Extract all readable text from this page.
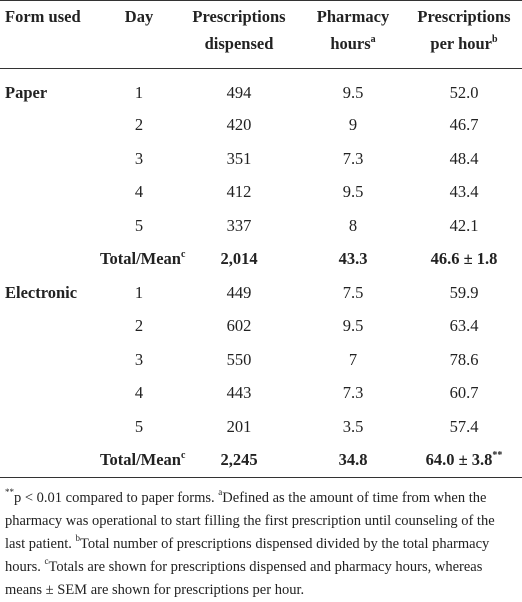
Form used	Day	Prescriptions dispensed	Pharmacy hours$^a$	Prescriptions per hour$^b$
Paper	1	494	9.5	52.0
	2	420	9	46.7
	3	351	7.3	48.4
	4	412	9.5	43.4
	5	337	8	42.1
	Total/Mean$^c$	2,014	43.3	46.6 ± 1.8
Electronic	1	449	7.5	59.9
	2	602	9.5	63.4
	3	550	7	78.6
	4	443	7.3	60.7
	5	201	3.5	57.4
	Total/Mean$^c$	2,245	34.8	64.0 ± 3.8**
**p < 0.01 compared to paper forms. $^a$Defined as the amount of time from when the pharmacy was operational to start filling the first prescription until counseling of the last patient. $^b$Total number of prescriptions dispensed divided by the total pharmacy hours. $^c$Totals are shown for prescriptions dispensed and pharmacy hours, whereas means ± SEM are shown for prescriptions per hour.
